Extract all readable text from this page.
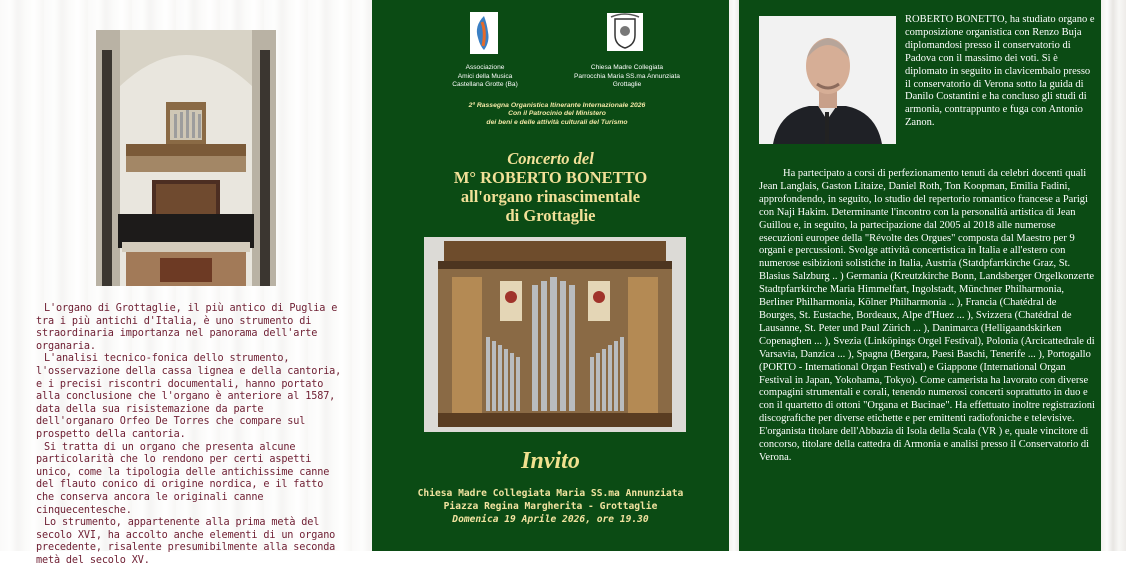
L'organo di Grottaglie, il più antico di Puglia e tra i più antichi d'Italia, è uno strumento di straordinaria importanza nel panorama dell'arte organaria.

L'analisi tecnico-fonica dello strumento, l'osservazione della cassa lignea e della cantoria, e i precisi riscontri documentali, hanno portato alla conclusione che l'organo è anteriore al 1587, data della sua risistemazione da parte dell'organaro Orfeo De Torres che compare sul prospetto della cantoria.

Si tratta di un organo che presenta alcune particolarità che lo rendono per certi aspetti unico, come la tipologia delle antichissime canne del flauto conico di origine nordica, e il fatto che conserva ancora le originali canne cinquecentesche.

Lo strumento, appartenente alla prima metà del secolo XVI, ha accolto anche elementi di un organo precedente, risalente presumibilmente alla seconda metà del secolo XV.

Associazione
Amici della Musica
Castellana Grotte (Ba)
Chiesa Madre Collegiata
Parrocchia Maria SS.ma Annunziata
Grottaglie
2ª Rassegna Organistica Itinerante Internazionale 2026
Con il Patrocinio del Ministero
dei beni e delle attività culturali del Turismo
Concerto del
M° ROBERTO BONETTO
all'organo rinascimentale
di Grottaglie
Invito
Chiesa Madre Collegiata Maria SS.ma Annunziata
Piazza Regina Margherita - Grottaglie
Domenica 19 Aprile 2026, ore 19.30
ROBERTO BONETTO, ha studiato organo e composizione organistica con Renzo Buja diplomandosi presso il conservatorio di Padova con il massimo dei voti. Si è diplomato in seguito in clavicembalo presso il conservatorio di Verona sotto la guida di Danilo Costantini e ha concluso gli studi di armonia, contrappunto e fuga con Antonio Zanon.

Ha partecipato a corsi di perfezionamento tenuti da celebri docenti quali Jean Langlais, Gaston Litaize, Daniel Roth, Ton Koopman, Emilia Fadini, approfondendo, in seguito, lo studio del repertorio romantico francese a Parigi con Naji Hakim. Determinante l'incontro con la personalità artistica di Jean Guillou e, in seguito, la partecipazione dal 2005 al 2018 alle numerose esecuzioni europee della "Révolte des Orgues" composta dal Maestro per 9 organi e percussioni. Svolge attività concertistica in Italia e all'estero con numerose esibizioni solistiche in Italia, Austria (Statdpfarrkirche Graz, St. Blasius Salzburg .. ) Germania (Kreutzkirche Bonn, Landsberger Orgelkonzerte Stadtpfarrkirche Maria Himmelfart, Ingolstadt, Münchner Philharmonia, Berliner Philharmonia, Kölner Philharmonia .. ), Francia (Chatédral de Bourges, St. Eustache, Bordeaux, Alpe d'Huez ... ), Svizzera (Chatédral de Lausanne, St. Peter und Paul Zürich ... ), Danimarca (Helligaandskirken Copenaghen ... ), Svezia (Linköpings Orgel Festival), Polonia (Arcicattedrale di Varsavia, Danzica ... ), Spagna (Bergara, Paesi Baschi, Tenerife ... ), Portogallo (PORTO - International Organ Festival) e Giappone (International Organ Festival in Japan, Yokohama, Tokyo). Come camerista ha lavorato con diverse compagini strumentali e corali, tenendo numerosi concerti soprattutto in duo e con il quartetto di ottoni "Organa et Bucinae". Ha effettuato inoltre registrazioni discografiche per diverse etichette e per emittenti radiofoniche e televisive.

E'organista titolare dell'Abbazia di Isola della Scala (VR ) e, quale vincitore di concorso, titolare della cattedra di Armonia e analisi presso il Conservatorio di Verona.
